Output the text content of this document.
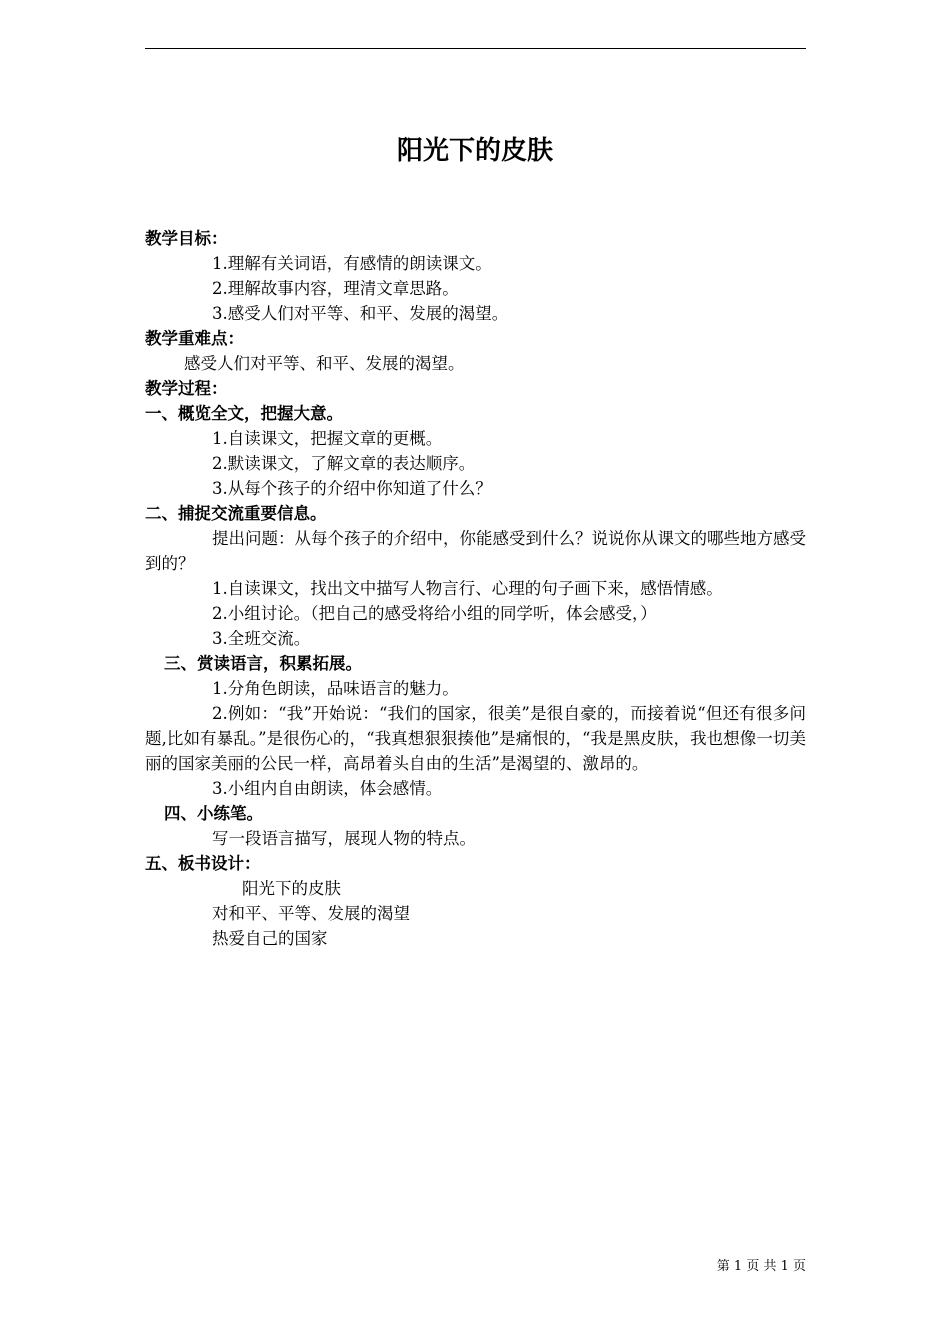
阳光下的皮肤
教学目标：
1.理解有关词语，有感情的朗读课文。
2.理解故事内容，理清文章思路。
3.感受人们对平等、和平、发展的渴望。
教学重难点：
感受人们对平等、和平、发展的渴望。
教学过程：
一、概览全文，把握大意。
1.自读课文，把握文章的更概。
2.默读课文，了解文章的表达顺序。
3.从每个孩子的介绍中你知道了什么？
二、捕捉交流重要信息。
提出问题：从每个孩子的介绍中，你能感受到什么？说说你从课文的哪些地方感受到的？
1.自读课文，找出文中描写人物言行、心理的句子画下来，感悟情感。
2.小组讨论。（把自己的感受将给小组的同学听，体会感受，）
3.全班交流。
三、赏读语言，积累拓展。
1.分角色朗读，品味语言的魅力。
2.例如：“我”开始说：“我们的国家，很美”是很自豪的，而接着说“但还有很多问题,比如有暴乱。”是很伤心的，“我真想狠狠揍他”是痛恨的，“我是黑皮肤，我也想像一切美丽的国家美丽的公民一样，高昂着头自由的生活”是渴望的、激昂的。
3.小组内自由朗读，体会感情。
四、小练笔。
写一段语言描写，展现人物的特点。
五、板书设计：
阳光下的皮肤
对和平、平等、发展的渴望
热爱自己的国家
第 1 页 共 1 页
